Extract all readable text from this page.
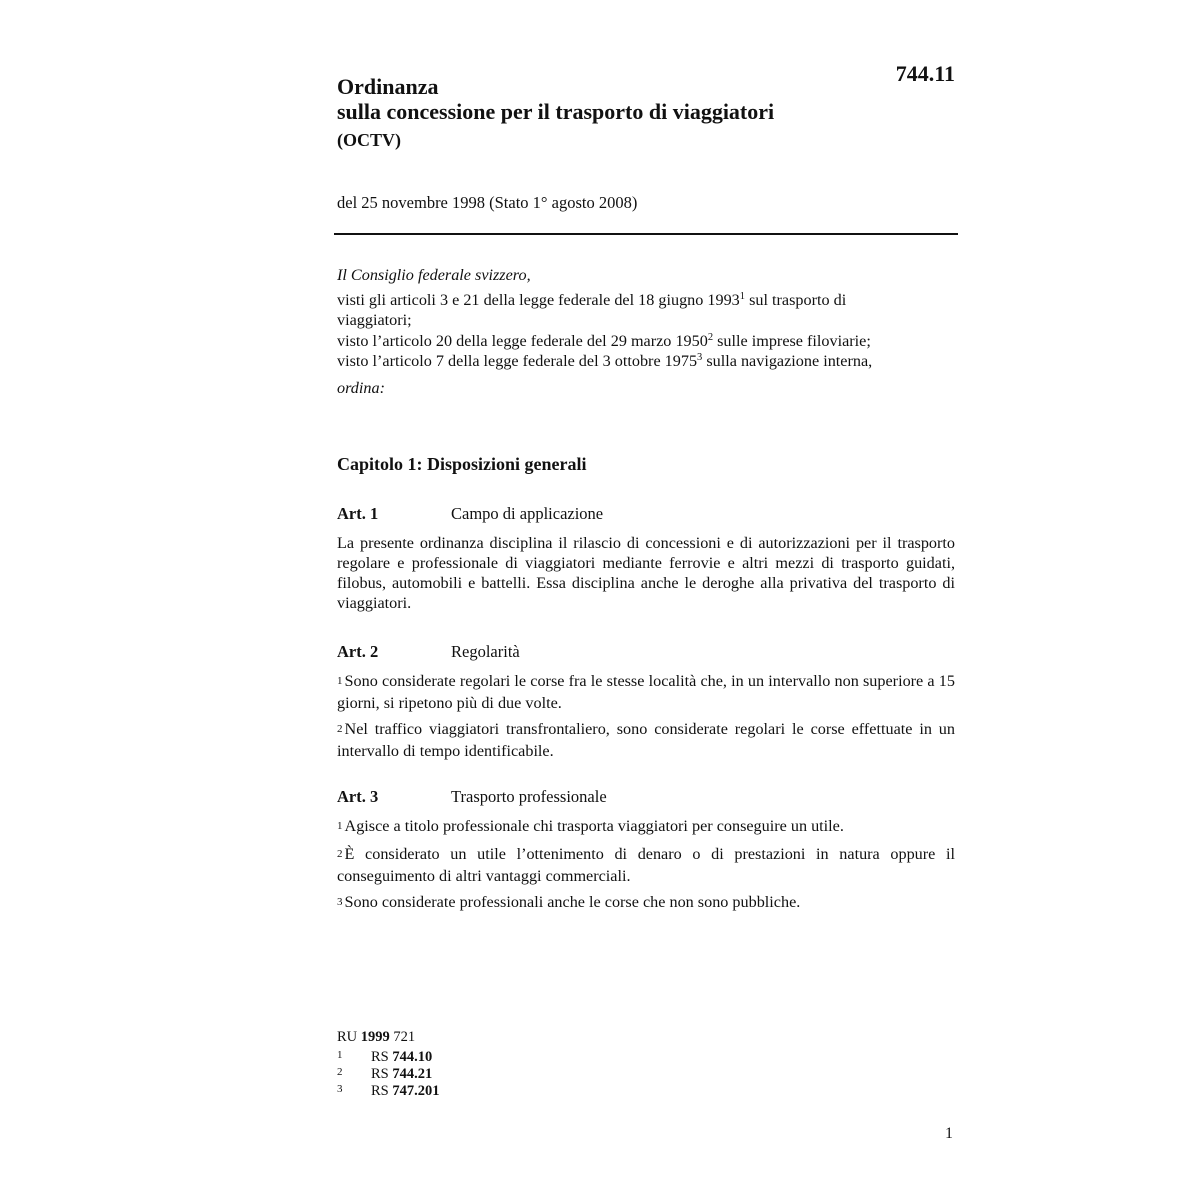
Ordinanza
sulla concessione per il trasporto di viaggiatori
(OCTV)
744.11
del 25 novembre 1998 (Stato 1° agosto 2008)
Il Consiglio federale svizzero,
visti gli articoli 3 e 21 della legge federale del 18 giugno 1993$^1$ sul trasporto di viaggiatori;
visto l’articolo 20 della legge federale del 29 marzo 1950$^2$ sulle imprese filoviarie;
visto l’articolo 7 della legge federale del 3 ottobre 1975$^3$ sulla navigazione interna,
ordina:
Capitolo 1: Disposizioni generali
Art. 1	Campo di applicazione
La presente ordinanza disciplina il rilascio di concessioni e di autorizzazioni per il trasporto regolare e professionale di viaggiatori mediante ferrovie e altri mezzi di trasporto guidati, filobus, automobili e battelli. Essa disciplina anche le deroghe alla privativa del trasporto di viaggiatori.
Art. 2	Regolarità
1 Sono considerate regolari le corse fra le stesse località che, in un intervallo non superiore a 15 giorni, si ripetono più di due volte.
2 Nel traffico viaggiatori transfrontaliero, sono considerate regolari le corse effettuate in un intervallo di tempo identificabile.
Art. 3	Trasporto professionale
1 Agisce a titolo professionale chi trasporta viaggiatori per conseguire un utile.
2 È considerato un utile l’ottenimento di denaro o di prestazioni in natura oppure il conseguimento di altri vantaggi commerciali.
3 Sono considerate professionali anche le corse che non sono pubbliche.
RU 1999 721
1 RS 744.10
2 RS 744.21
3 RS 747.201
1
